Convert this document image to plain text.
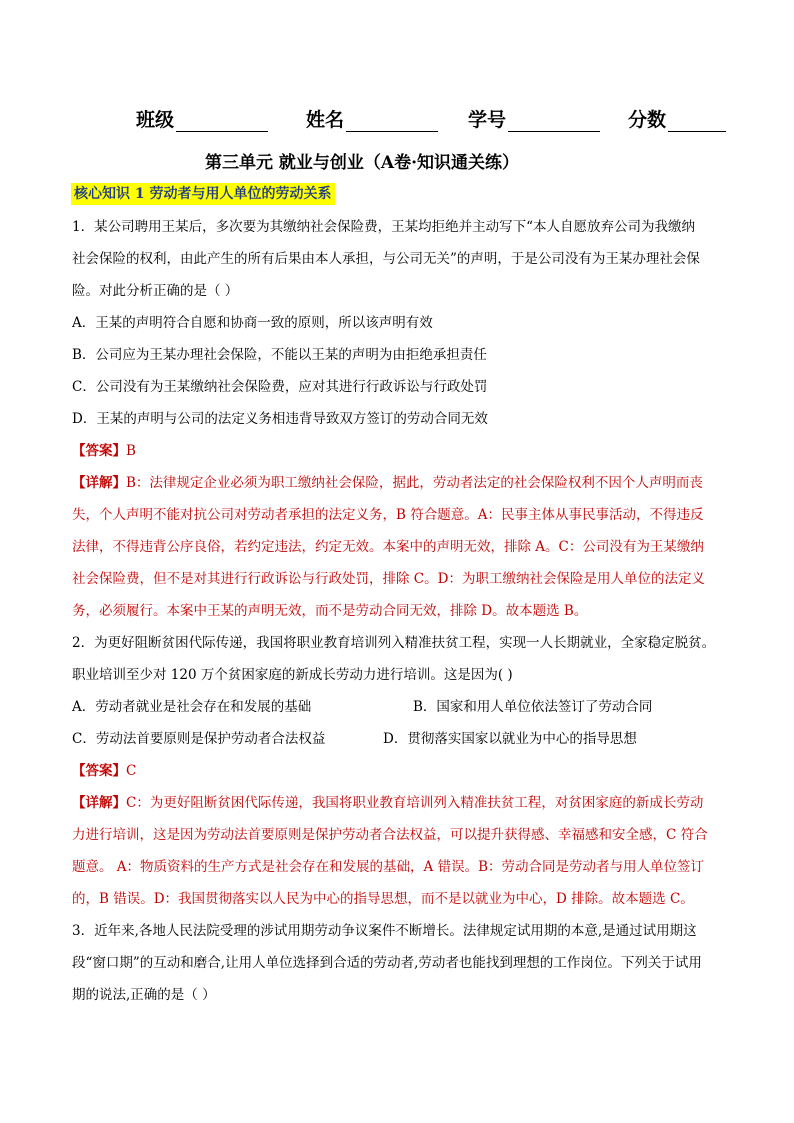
班级	姓名	学号	分数
第三单元 就业与创业（A卷·知识通关练）
核心知识 1 劳动者与用人单位的劳动关系
1．某公司聘用王某后，多次要为其缴纳社会保险费，王某均拒绝并主动写下“本人自愿放弃公司为我缴纳
社会保险的权利，由此产生的所有后果由本人承担，与公司无关”的声明，于是公司没有为王某办理社会保
险。对此分析正确的是（ ）
A．王某的声明符合自愿和协商一致的原则，所以该声明有效
B．公司应为王某办理社会保险，不能以王某的声明为由拒绝承担责任
C．公司没有为王某缴纳社会保险费，应对其进行行政诉讼与行政处罚
D．王某的声明与公司的法定义务相违背导致双方签订的劳动合同无效
【答案】B
【详解】B：法律规定企业必须为职工缴纳社会保险，据此，劳动者法定的社会保险权利不因个人声明而丧
失，个人声明不能对抗公司对劳动者承担的法定义务，B 符合题意。A：民事主体从事民事活动，不得违反
法律，不得违背公序良俗，若约定违法，约定无效。本案中的声明无效，排除 A。C：公司没有为王某缴纳
社会保险费，但不是对其进行行政诉讼与行政处罚，排除 C。D：为职工缴纳社会保险是用人单位的法定义
务，必须履行。本案中王某的声明无效，而不是劳动合同无效，排除 D。故本题选 B。
2．为更好阻断贫困代际传递，我国将职业教育培训列入精准扶贫工程，实现一人长期就业，全家稳定脱贫。
职业培训至少对 120 万个贫困家庭的新成长劳动力进行培训。这是因为( )
A．劳动者就业是社会存在和发展的基础	B．国家和用人单位依法签订了劳动合同
C．劳动法首要原则是保护劳动者合法权益	D．贯彻落实国家以就业为中心的指导思想
【答案】C
【详解】C：为更好阻断贫困代际传递，我国将职业教育培训列入精准扶贫工程，对贫困家庭的新成长劳动
力进行培训，这是因为劳动法首要原则是保护劳动者合法权益，可以提升获得感、幸福感和安全感，C 符合
题意。 A：物质资料的生产方式是社会存在和发展的基础，A 错误。B：劳动合同是劳动者与用人单位签订
的，B 错误。D：我国贯彻落实以人民为中心的指导思想，而不是以就业为中心，D 排除。故本题选 C。
3．近年来,各地人民法院受理的涉试用期劳动争议案件不断增长。法律规定试用期的本意,是通过试用期这
段“窗口期”的互动和磨合,让用人单位选择到合适的劳动者,劳动者也能找到理想的工作岗位。下列关于试用
期的说法,正确的是（ ）
